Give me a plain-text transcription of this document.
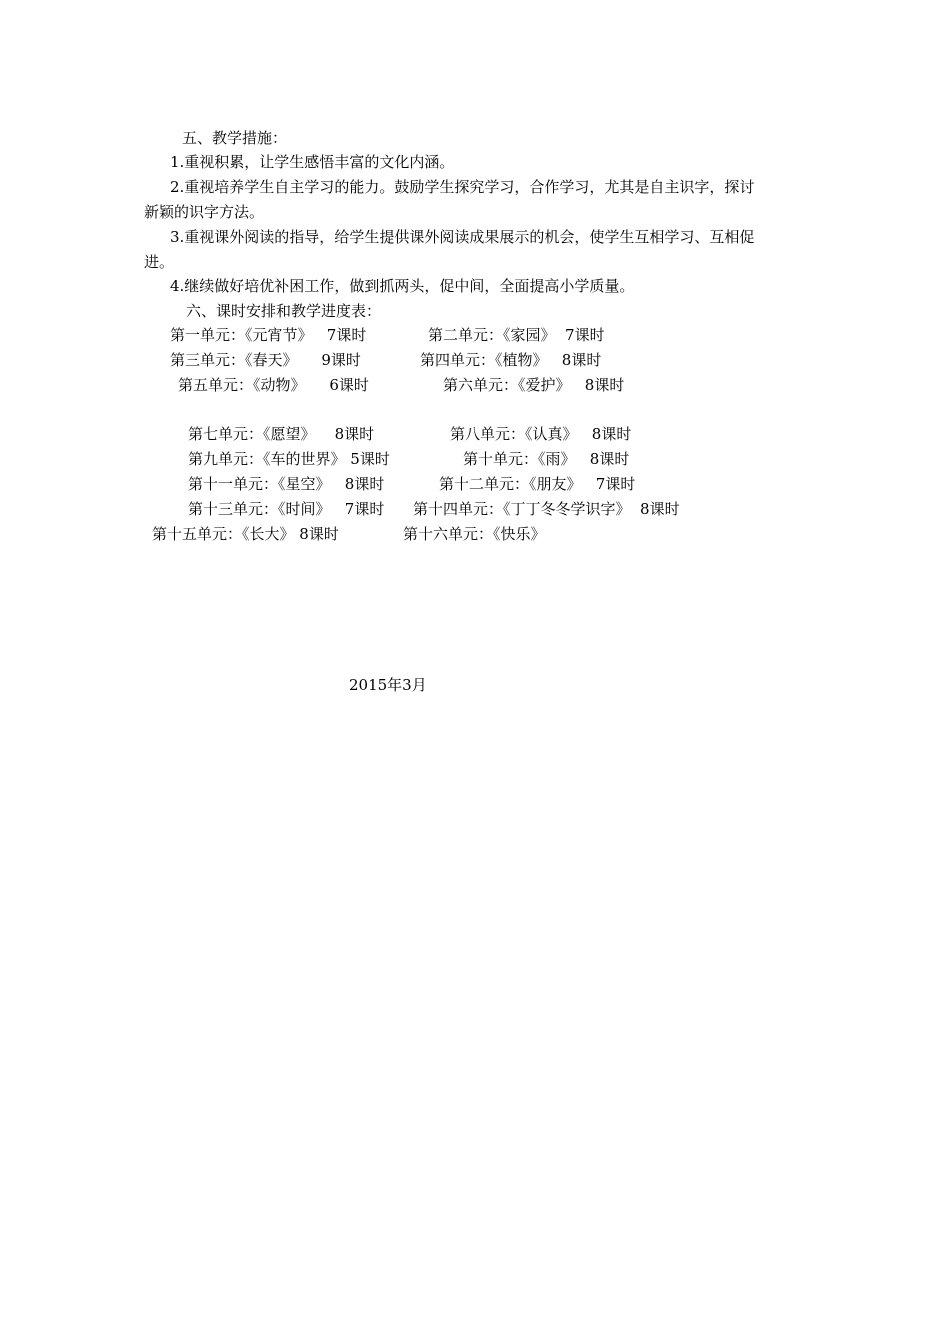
五、教学措施：
1.重视积累，让学生感悟丰富的文化内涵。
2.重视培养学生自主学习的能力。鼓励学生探究学习，合作学习，尤其是自主识字，探讨
新颖的识字方法。
3.重视课外阅读的指导，给学生提供课外阅读成果展示的机会，使学生互相学习、互相促
进。
4.继续做好培优补困工作，做到抓两头，促中间，全面提高小学质量。
六、课时安排和教学进度表：
第一单元：《元宵节》   7课时	第二单元：《家园》  7课时
第三单元：《春天》     9课时	第四单元：《植物》   8课时
第五单元：《动物》     6课时	第六单元：《爱护》   8课时
第七单元：《愿望》    8课时	第八单元：《认真》   8课时
第九单元：《车的世界》 5课时	第十单元：《雨》   8课时
第十一单元：《星空》   8课时	第十二单元：《朋友》   7课时
第十三单元：《时间》   7课时 第十四单元：《丁丁冬冬学识字》  8课时
第十五单元：《长大》 8课时	第十六单元：《快乐》
2015年3月
